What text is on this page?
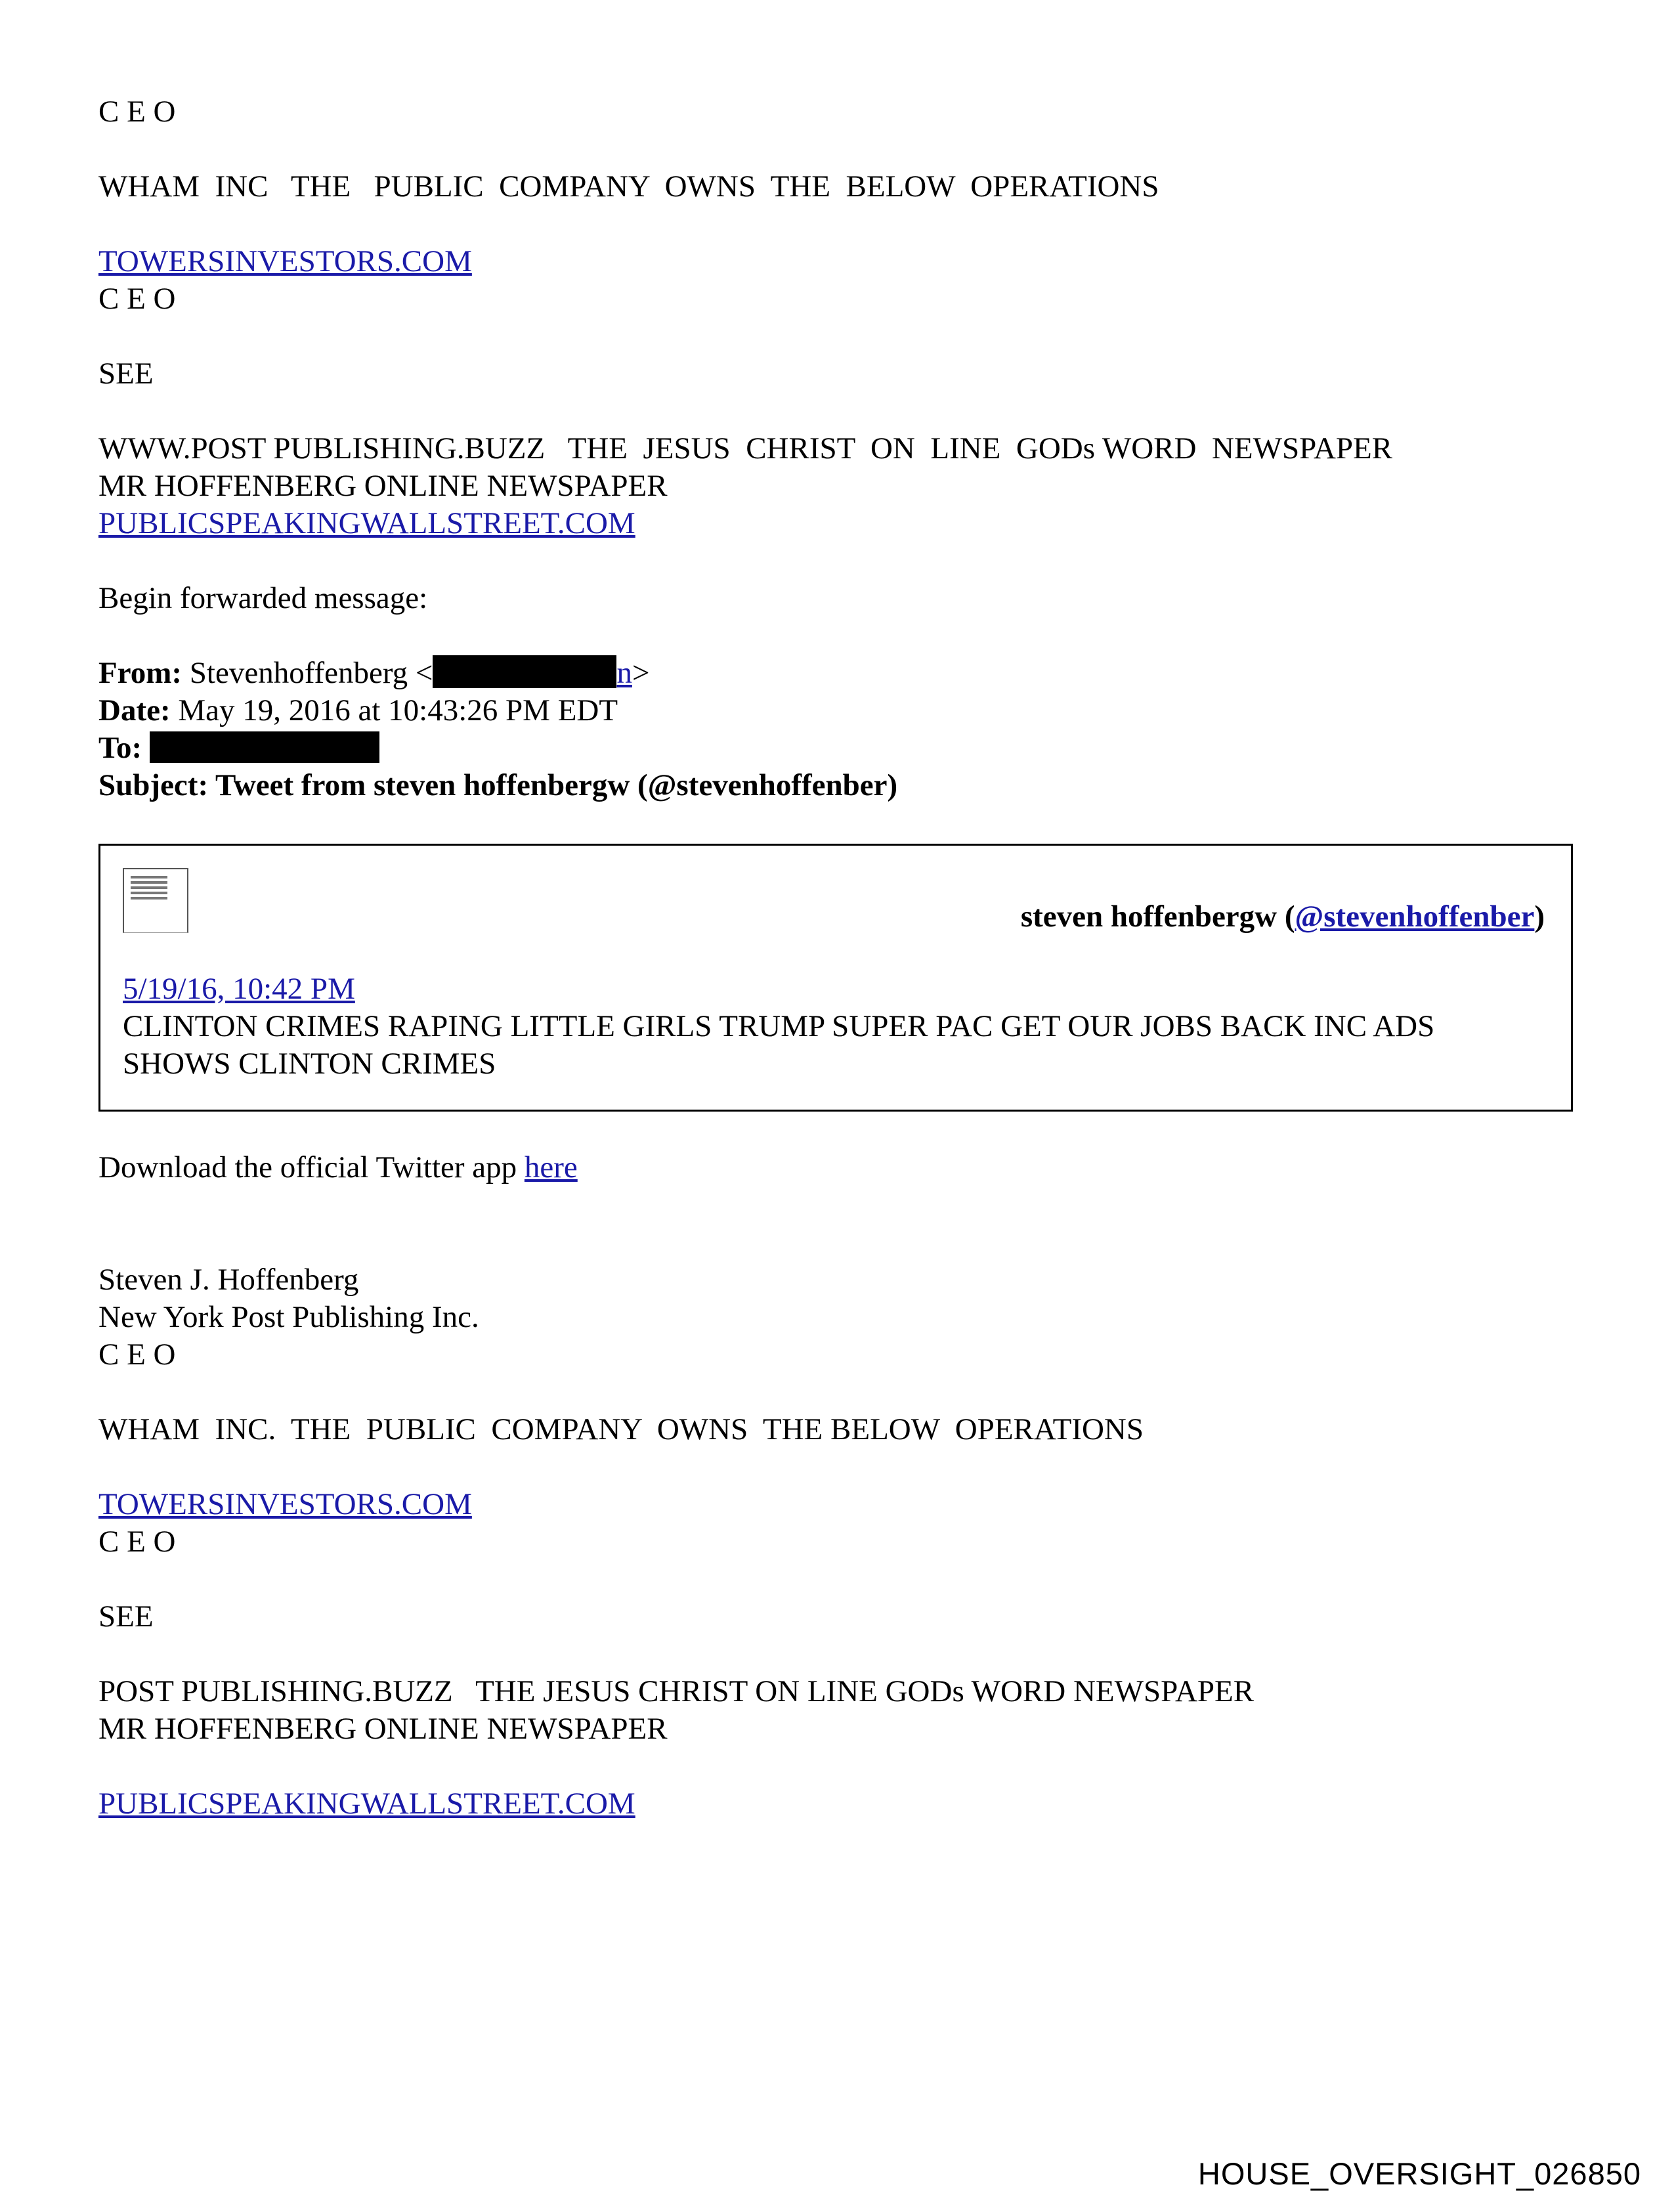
C E O
WHAM  INC   THE   PUBLIC  COMPANY  OWNS  THE  BELOW  OPERATIONS
TOWERSINVESTORS.COM
C E O
SEE
WWW.POST PUBLISHING.BUZZ   THE  JESUS  CHRIST  ON  LINE  GODs WORD  NEWSPAPER
MR HOFFENBERG ONLINE NEWSPAPER
PUBLICSPEAKINGWALLSTREET.COM
Begin forwarded message:
From: Stevenhoffenberg <	n>
Date: May 19, 2016 at 10:43:26 PM EDT
To:
Subject: Tweet from steven hoffenbergw (@stevenhoffenber)
steven hoffenbergw (@stevenhoffenber)
5/19/16, 10:42 PM
CLINTON CRIMES RAPING LITTLE GIRLS TRUMP SUPER PAC GET OUR JOBS BACK INC ADS
SHOWS CLINTON CRIMES
Download the official Twitter app here
Steven J. Hoffenberg
New York Post Publishing Inc.
C E O
WHAM  INC.  THE  PUBLIC  COMPANY  OWNS  THE BELOW  OPERATIONS
TOWERSINVESTORS.COM
C E O
SEE
POST PUBLISHING.BUZZ   THE JESUS CHRIST ON LINE GODs WORD NEWSPAPER
MR HOFFENBERG ONLINE NEWSPAPER
PUBLICSPEAKINGWALLSTREET.COM
HOUSE_OVERSIGHT_026850
